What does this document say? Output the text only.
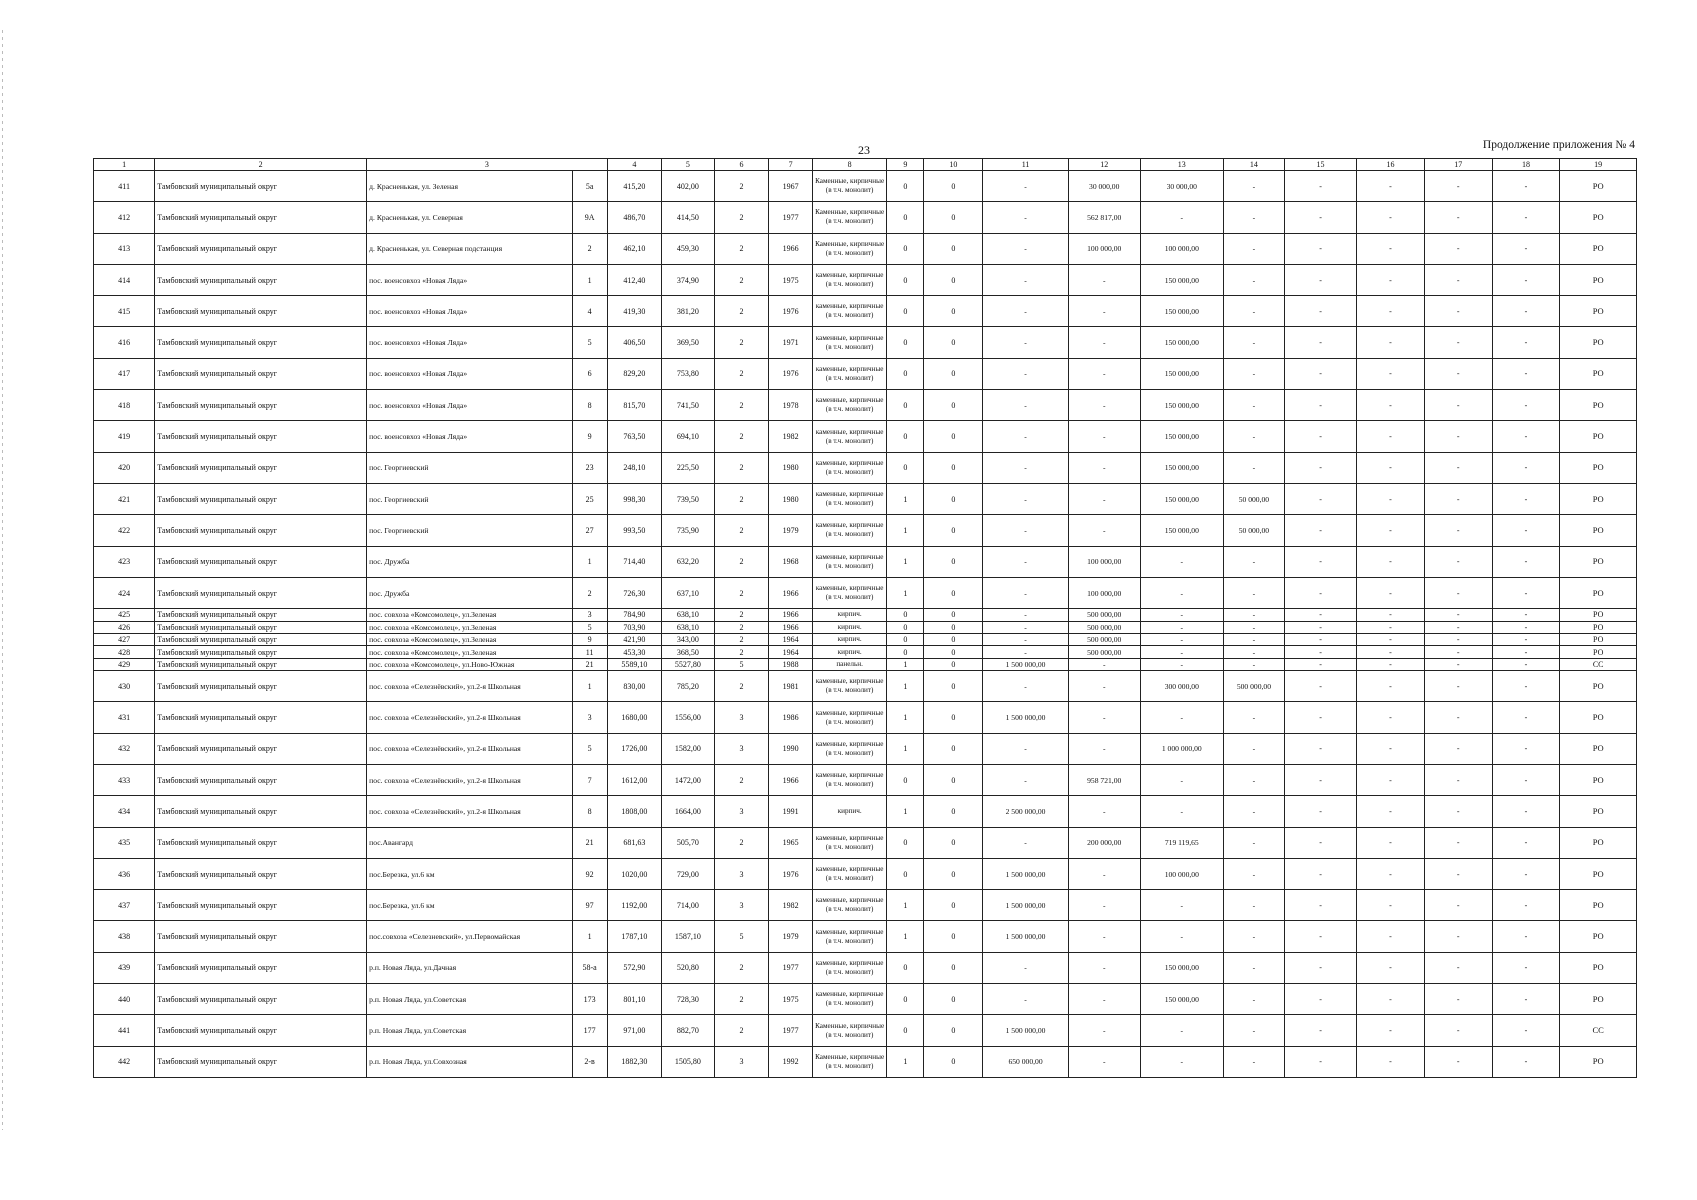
23	Продолжение приложения № 4
1	2	3		4	5	6	7	8	9	10	11	12	13	14	15	16	17	18	19
411	Тамбовский муниципальный округ	д. Красненькая, ул. Зеленая	5а	415,20	402,00	2	1967	Каменные, кирпичные (в т.ч. монолит)	0	0	-	30 000,00	30 000,00	-	-	-	-	-	РО
412	Тамбовский муниципальный округ	д. Красненькая, ул. Северная	9А	486,70	414,50	2	1977	Каменные, кирпичные (в т.ч. монолит)	0	0	-	562 817,00	-	-	-	-	-	-	РО
413	Тамбовский муниципальный округ	д. Красненькая, ул. Северная подстанция	2	462,10	459,30	2	1966	Каменные, кирпичные (в т.ч. монолит)	0	0	-	100 000,00	100 000,00	-	-	-	-	-	РО
414	Тамбовский муниципальный округ	пос. военсовхоз «Новая Ляда»	1	412,40	374,90	2	1975	каменные, кирпичные (в т.ч. монолит)	0	0	-	-	150 000,00	-	-	-	-	-	РО
415	Тамбовский муниципальный округ	пос. военсовхоз «Новая Ляда»	4	419,30	381,20	2	1976	каменные, кирпичные (в т.ч. монолит)	0	0	-	-	150 000,00	-	-	-	-	-	РО
416	Тамбовский муниципальный округ	пос. военсовхоз «Новая Ляда»	5	406,50	369,50	2	1971	каменные, кирпичные (в т.ч. монолит)	0	0	-	-	150 000,00	-	-	-	-	-	РО
417	Тамбовский муниципальный округ	пос. военсовхоз «Новая Ляда»	6	829,20	753,80	2	1976	каменные, кирпичные (в т.ч. монолит)	0	0	-	-	150 000,00	-	-	-	-	-	РО
418	Тамбовский муниципальный округ	пос. военсовхоз «Новая Ляда»	8	815,70	741,50	2	1978	каменные, кирпичные (в т.ч. монолит)	0	0	-	-	150 000,00	-	-	-	-	-	РО
419	Тамбовский муниципальный округ	пос. военсовхоз «Новая Ляда»	9	763,50	694,10	2	1982	каменные, кирпичные (в т.ч. монолит)	0	0	-	-	150 000,00	-	-	-	-	-	РО
420	Тамбовский муниципальный округ	пос. Георгиевский	23	248,10	225,50	2	1980	каменные, кирпичные (в т.ч. монолит)	0	0	-	-	150 000,00	-	-	-	-	-	РО
421	Тамбовский муниципальный округ	пос. Георгиевский	25	998,30	739,50	2	1980	каменные, кирпичные (в т.ч. монолит)	1	0	-	-	150 000,00	50 000,00	-	-	-	-	РО
422	Тамбовский муниципальный округ	пос. Георгиевский	27	993,50	735,90	2	1979	каменные, кирпичные (в т.ч. монолит)	1	0	-	-	150 000,00	50 000,00	-	-	-	-	РО
423	Тамбовский муниципальный округ	пос. Дружба	1	714,40	632,20	2	1968	каменные, кирпичные (в т.ч. монолит)	1	0	-	100 000,00	-	-	-	-	-	-	РО
424	Тамбовский муниципальный округ	пос. Дружба	2	726,30	637,10	2	1966	каменные, кирпичные (в т.ч. монолит)	1	0	-	100 000,00	-	-	-	-	-	-	РО
425	Тамбовский муниципальный округ	пос. совхоза «Комсомолец», ул.Зеленая	3	784,90	638,10	2	1966	кирпич.	0	0	-	500 000,00	-	-	-	-	-	-	РО
426	Тамбовский муниципальный округ	пос. совхоза «Комсомолец», ул.Зеленая	5	703,90	638,10	2	1966	кирпич.	0	0	-	500 000,00	-	-	-	-	-	-	РО
427	Тамбовский муниципальный округ	пос. совхоза «Комсомолец», ул.Зеленая	9	421,90	343,00	2	1964	кирпич.	0	0	-	500 000,00	-	-	-	-	-	-	РО
428	Тамбовский муниципальный округ	пос. совхоза «Комсомолец», ул.Зеленая	11	453,30	368,50	2	1964	кирпич.	0	0	-	500 000,00	-	-	-	-	-	-	РО
429	Тамбовский муниципальный округ	пос. совхоза «Комсомолец», ул.Ново-Южная	21	5589,10	5527,80	5	1988	панельн.	1	0	1 500 000,00	-	-	-	-	-	-	-	СС
430	Тамбовский муниципальный округ	пос. совхоза «Селезнёвский», ул.2-я Школьная	1	830,00	785,20	2	1981	каменные, кирпичные (в т.ч. монолит)	1	0	-	-	300 000,00	500 000,00	-	-	-	-	РО
431	Тамбовский муниципальный округ	пос. совхоза «Селезнёвский», ул.2-я Школьная	3	1680,00	1556,00	3	1986	каменные, кирпичные (в т.ч. монолит)	1	0	1 500 000,00	-	-	-	-	-	-	-	РО
432	Тамбовский муниципальный округ	пос. совхоза «Селезнёвский», ул.2-я Школьная	5	1726,00	1582,00	3	1990	каменные, кирпичные (в т.ч. монолит)	1	0	-	-	1 000 000,00	-	-	-	-	-	РО
433	Тамбовский муниципальный округ	пос. совхоза «Селезнёвский», ул.2-я Школьная	7	1612,00	1472,00	2	1966	каменные, кирпичные (в т.ч. монолит)	0	0	-	958 721,00	-	-	-	-	-	-	РО
434	Тамбовский муниципальный округ	пос. совхоза «Селезнёвский», ул.2-я Школьная	8	1808,00	1664,00	3	1991	кирпич.	1	0	2 500 000,00	-	-	-	-	-	-	-	РО
435	Тамбовский муниципальный округ	пос.Авангард	21	681,63	505,70	2	1965	каменные, кирпичные (в т.ч. монолит)	0	0	-	200 000,00	719 119,65	-	-	-	-	-	РО
436	Тамбовский муниципальный округ	пос.Березка, ул.6 км	92	1020,00	729,00	3	1976	каменные, кирпичные (в т.ч. монолит)	0	0	1 500 000,00	-	100 000,00	-	-	-	-	-	РО
437	Тамбовский муниципальный округ	пос.Березка, ул.6 км	97	1192,00	714,00	3	1982	каменные, кирпичные (в т.ч. монолит)	1	0	1 500 000,00	-	-	-	-	-	-	-	РО
438	Тамбовский муниципальный округ	пос.совхоза «Селезневский», ул.Первомайская	1	1787,10	1587,10	5	1979	каменные, кирпичные (в т.ч. монолит)	1	0	1 500 000,00	-	-	-	-	-	-	-	РО
439	Тамбовский муниципальный округ	р.п. Новая Ляда, ул.Дачная	58-а	572,90	520,80	2	1977	каменные, кирпичные (в т.ч. монолит)	0	0	-	-	150 000,00	-	-	-	-	-	РО
440	Тамбовский муниципальный округ	р.п. Новая Ляда, ул.Советская	173	801,10	728,30	2	1975	каменные, кирпичные (в т.ч. монолит)	0	0	-	-	150 000,00	-	-	-	-	-	РО
441	Тамбовский муниципальный округ	р.п. Новая Ляда, ул.Советская	177	971,00	882,70	2	1977	Каменные, кирпичные (в т.ч. монолит)	0	0	1 500 000,00	-	-	-	-	-	-	-	СС
442	Тамбовский муниципальный округ	р.п. Новая Ляда, ул.Совхозная	2-в	1882,30	1505,80	3	1992	Каменные, кирпичные (в т.ч. монолит)	1	0	650 000,00	-	-	-	-	-	-	-	РО
